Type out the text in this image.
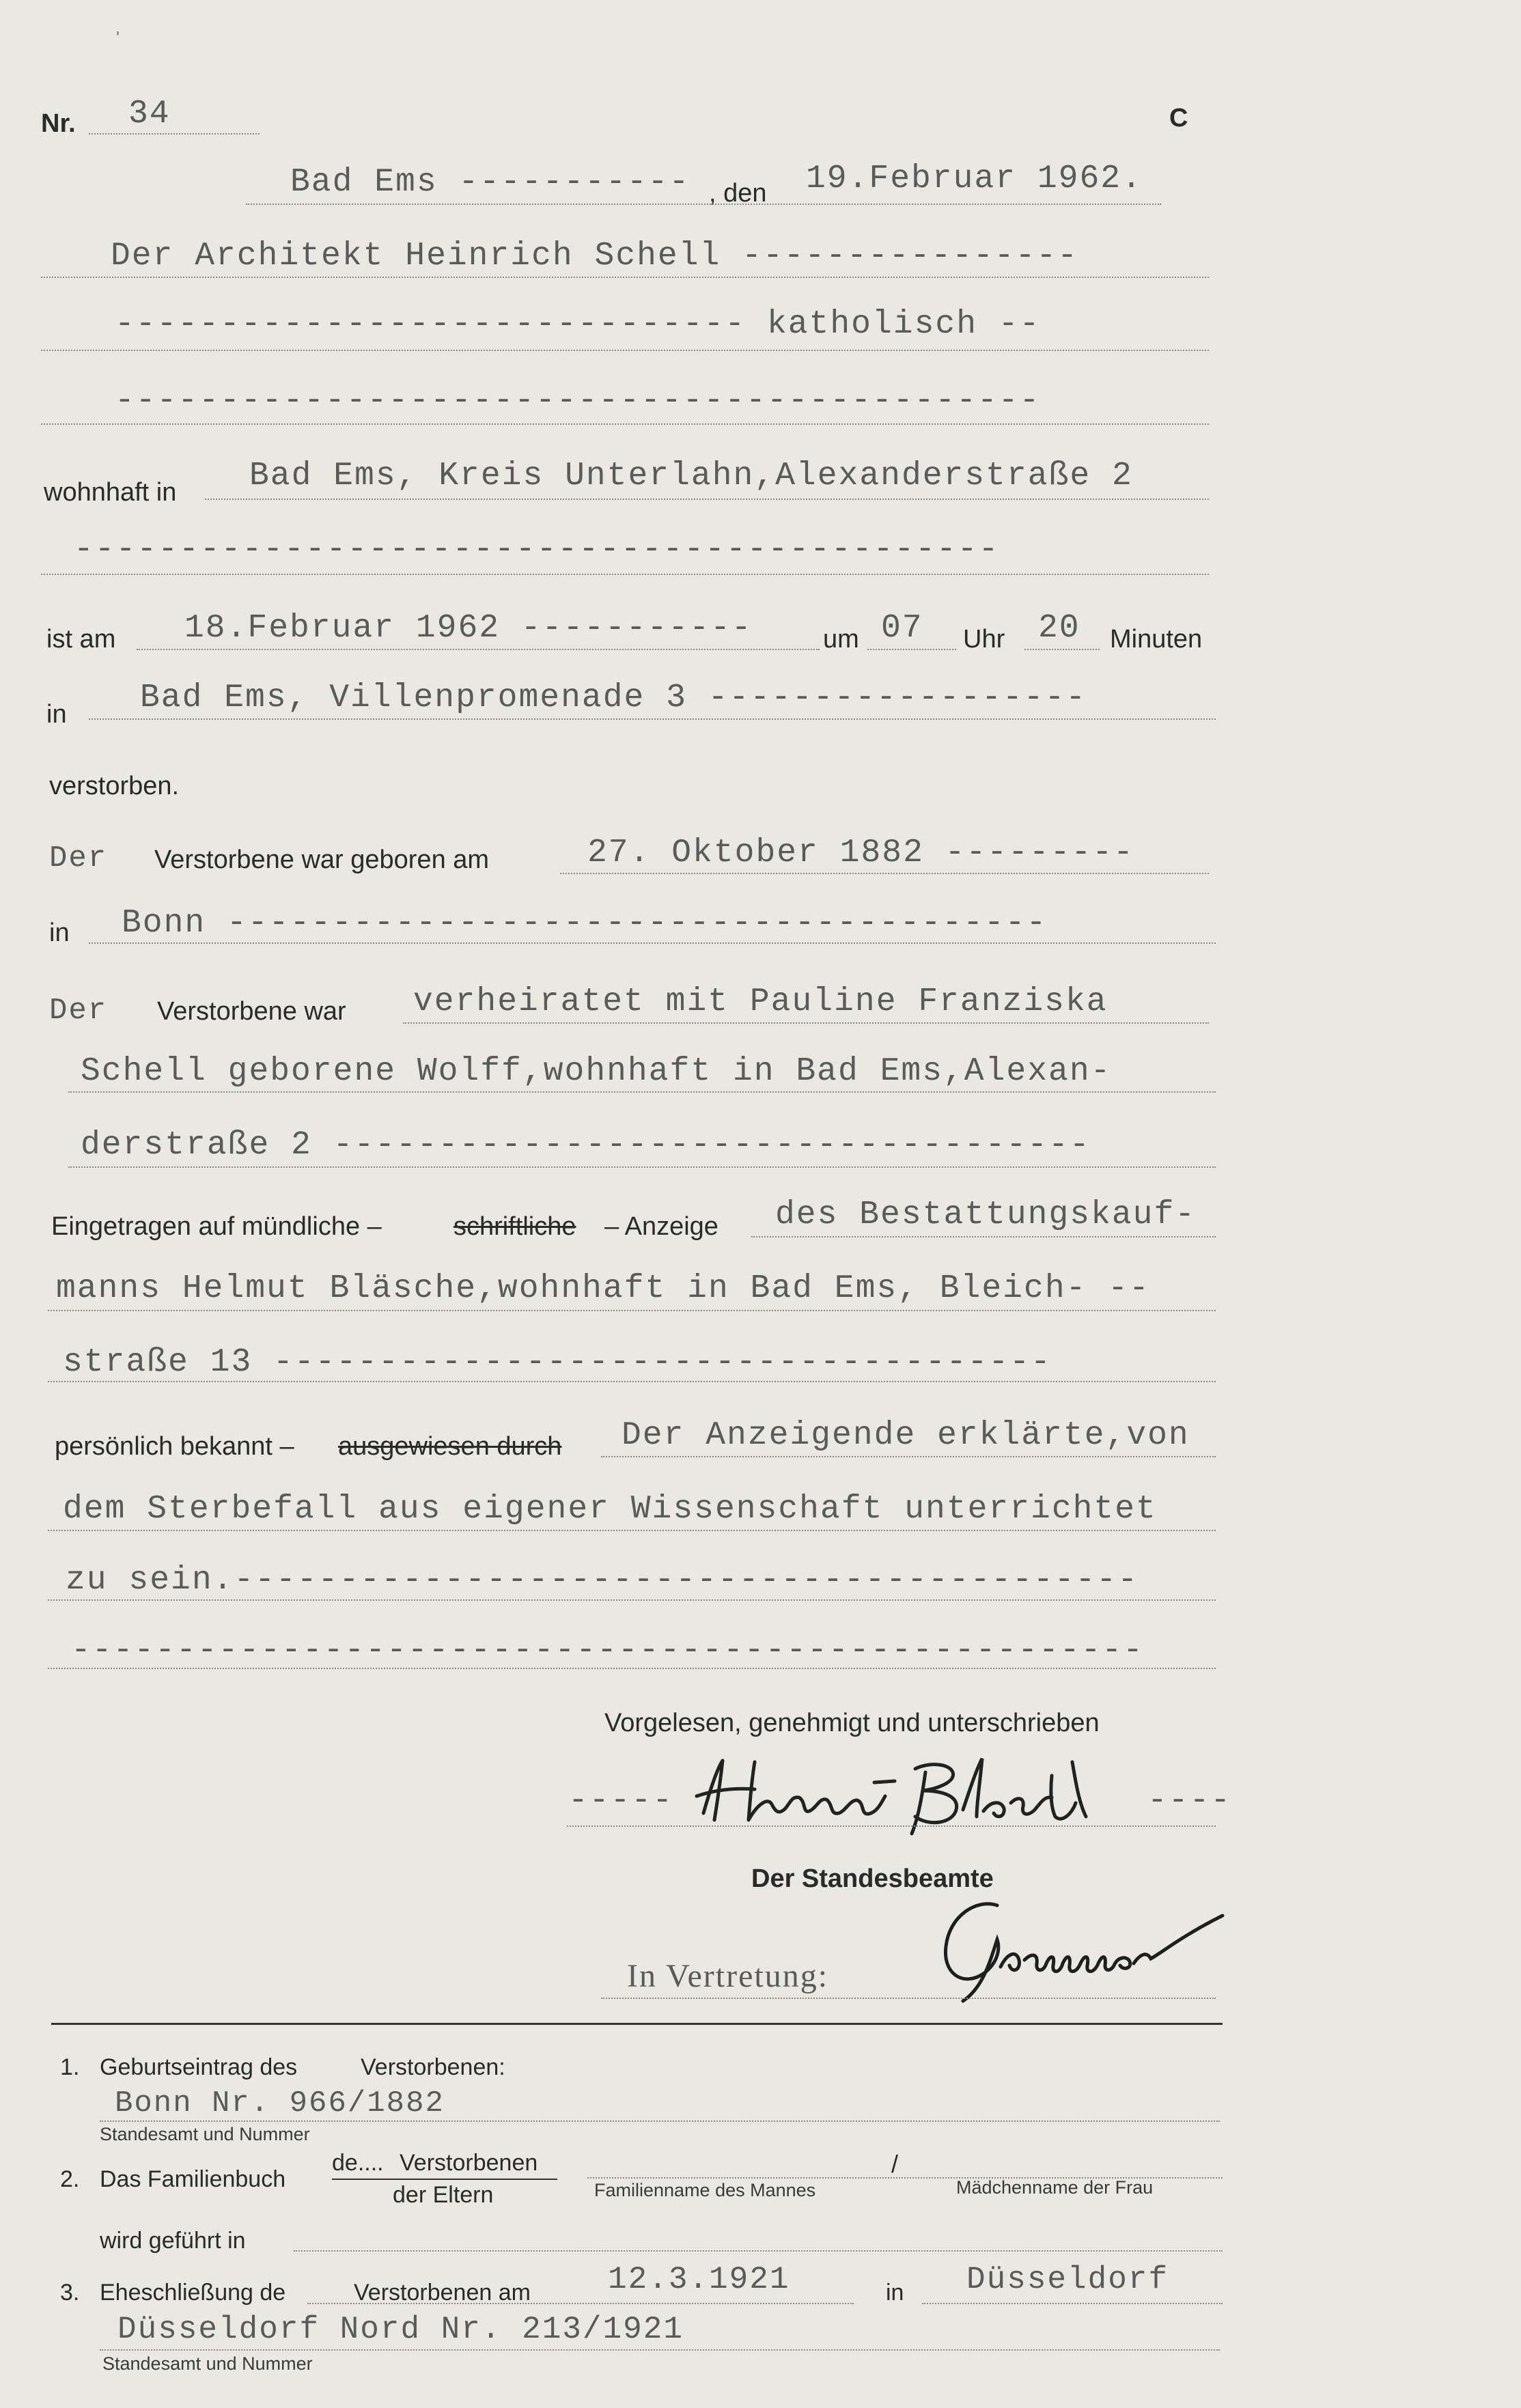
'
Nr. 34	C
Bad Ems ----------- , den 19.Februar 1962.
Der Architekt Heinrich Schell ----------------
------------------------------ katholisch --
--------------------------------------------
wohnhaft in Bad Ems, Kreis Unterlahn,Alexanderstraße 2
--------------------------------------------
ist am 18.Februar 1962 -----------	um 07 Uhr 20 Minuten
in Bad Ems, Villenpromenade 3 ------------------
verstorben.
Der Verstorbene war geboren am	27. Oktober 1882 ---------
in Bonn ---------------------------------------
Der Verstorbene war verheiratet mit Pauline Franziska
Schell geborene Wolff,wohnhaft in Bad Ems,Alexan-
derstraße 2 ------------------------------------
Eingetragen auf mündliche –	schriftliche – Anzeige des Bestattungskauf-
manns Helmut Bläsche,wohnhaft in Bad Ems, Bleich- --
straße 13 -------------------------------------
persönlich bekannt – ausgewiesen durch Der Anzeigende erklärte,von
dem Sterbefall aus eigener Wissenschaft unterrichtet
zu sein.-------------------------------------------
---------------------------------------------------
Vorgelesen, genehmigt und unterschrieben
-----	----
Der Standesbeamte
In Vertretung:
1. Geburtseintrag des	Verstorbenen:
Bonn Nr. 966/1882
Standesamt und Nummer
2. Das Familienbuch
de.... Verstorbenen
der Eltern
/
Familienname des Mannes	Mädchenname der Frau
wird geführt in
3. Eheschließung de	Verstorbenen am 12.3.1921	in Düsseldorf
Düsseldorf Nord Nr. 213/1921
Standesamt und Nummer
